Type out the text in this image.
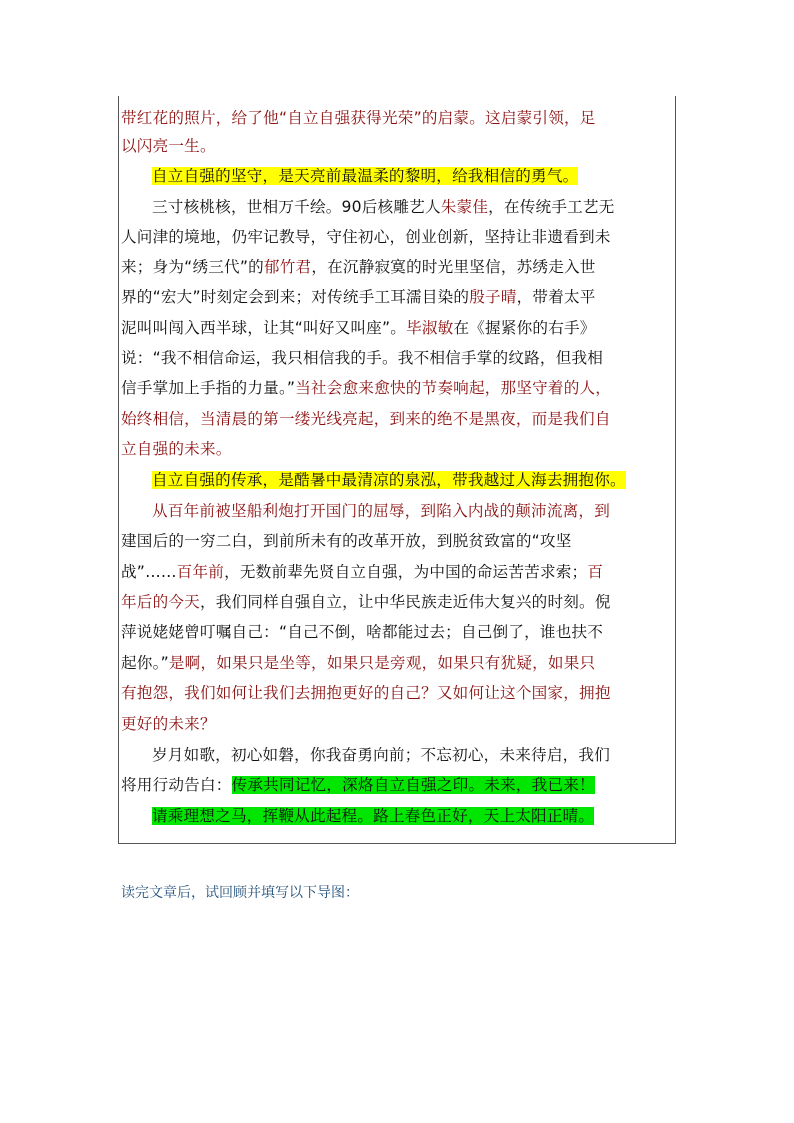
带红花的照片，给了他“自立自强获得光荣”的启蒙。这启蒙引领，足
以闪亮一生。
自立自强的坚守，是天亮前最温柔的黎明，给我相信的勇气。
三寸核桃核，世相万千绘。90后核雕艺人朱蒙佳，在传统手工艺无
人问津的境地，仍牢记教导，守住初心，创业创新，坚持让非遗看到未
来；身为“绣三代”的郁竹君，在沉静寂寞的时光里坚信，苏绣走入世
界的“宏大”时刻定会到来；对传统手工耳濡目染的殷子晴，带着太平
泥叫叫闯入西半球，让其“叫好又叫座”。毕淑敏在《握紧你的右手》
说：“我不相信命运，我只相信我的手。我不相信手掌的纹路，但我相
信手掌加上手指的力量。”当社会愈来愈快的节奏响起，那坚守着的人，
始终相信，当清晨的第一缕光线亮起，到来的绝不是黑夜，而是我们自
立自强的未来。
自立自强的传承，是酷暑中最清凉的泉泓，带我越过人海去拥抱你。
从百年前被坚船利炮打开国门的屈辱，到陷入内战的颠沛流离，到
建国后的一穷二白，到前所未有的改革开放，到脱贫致富的“攻坚
战”……百年前，无数前辈先贤自立自强，为中国的命运苦苦求索；百
年后的今天，我们同样自强自立，让中华民族走近伟大复兴的时刻。倪
萍说姥姥曾叮嘱自己：“自己不倒，啥都能过去；自己倒了，谁也扶不
起你。”是啊，如果只是坐等，如果只是旁观，如果只有犹疑，如果只
有抱怨，我们如何让我们去拥抱更好的自己？又如何让这个国家，拥抱
更好的未来？
岁月如歌，初心如磐，你我奋勇向前；不忘初心，未来待启，我们
将用行动告白：传承共同记忆，深烙自立自强之印。未来，我已来！
请乘理想之马，挥鞭从此起程。路上春色正好，天上太阳正晴。
读完文章后，试回顾并填写以下导图：
